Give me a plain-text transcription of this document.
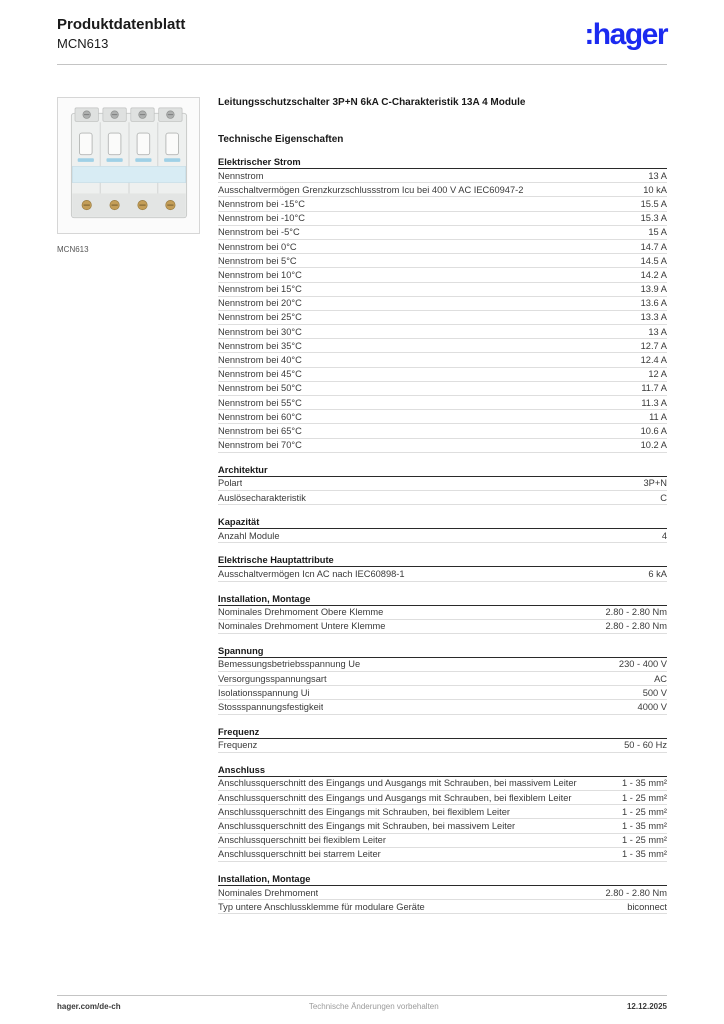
Produktdatenblatt
MCN613	:hager
MCN613
Leitungsschutzschalter 3P+N 6kA C-Charakteristik 13A 4 Module
Technische Eigenschaften
Elektrischer Strom
Nennstrom	13 A
Ausschaltvermögen Grenzkurzschlussstrom Icu bei 400 V AC IEC60947-2	10 kA
Nennstrom bei -15°C	15.5 A
Nennstrom bei -10°C	15.3 A
Nennstrom bei -5°C	15 A
Nennstrom bei 0°C	14.7 A
Nennstrom bei 5°C	14.5 A
Nennstrom bei 10°C	14.2 A
Nennstrom bei 15°C	13.9 A
Nennstrom bei 20°C	13.6 A
Nennstrom bei 25°C	13.3 A
Nennstrom bei 30°C	13 A
Nennstrom bei 35°C	12.7 A
Nennstrom bei 40°C	12.4 A
Nennstrom bei 45°C	12 A
Nennstrom bei 50°C	11.7 A
Nennstrom bei 55°C	11.3 A
Nennstrom bei 60°C	11 A
Nennstrom bei 65°C	10.6 A
Nennstrom bei 70°C	10.2 A
Architektur
Polart	3P+N
Auslösecharakteristik	C
Kapazität
Anzahl Module	4
Elektrische Hauptattribute
Ausschaltvermögen Icn AC nach IEC60898-1	6 kA
Installation, Montage
Nominales Drehmoment Obere Klemme	2.80 - 2.80 Nm
Nominales Drehmoment Untere Klemme	2.80 - 2.80 Nm
Spannung
Bemessungsbetriebsspannung Ue	230 - 400 V
Versorgungsspannungsart	AC
Isolationsspannung Ui	500 V
Stossspannungsfestigkeit	4000 V
Frequenz
Frequenz	50 - 60 Hz
Anschluss
Anschlussquerschnitt des Eingangs und Ausgangs mit Schrauben, bei massivem Leiter	1 - 35 mm²
Anschlussquerschnitt des Eingangs und Ausgangs mit Schrauben, bei flexiblem Leiter	1 - 25 mm²
Anschlussquerschnitt des Eingangs mit Schrauben, bei flexiblem Leiter	1 - 25 mm²
Anschlussquerschnitt des Eingangs mit Schrauben, bei massivem Leiter	1 - 35 mm²
Anschlussquerschnitt bei flexiblem Leiter	1 - 25 mm²
Anschlussquerschnitt bei starrem Leiter	1 - 35 mm²
Installation, Montage
Nominales Drehmoment	2.80 - 2.80 Nm
Typ untere Anschlussklemme für modulare Geräte	biconnect
hager.com/de-ch	Technische Änderungen vorbehalten	12.12.2025
